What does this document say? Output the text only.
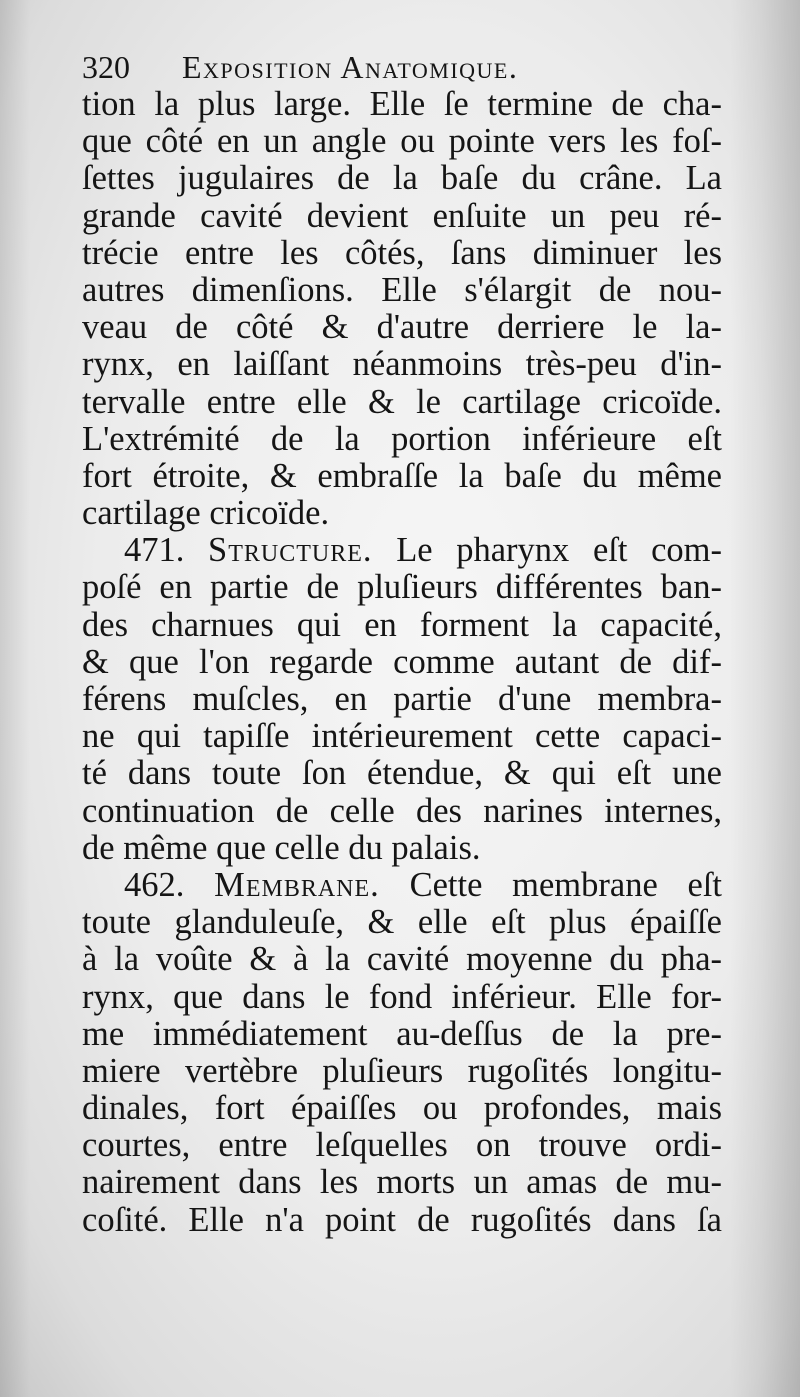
320 Exposition Anatomique.
tion la plus large. Elle ſe termine de cha-
que côté en un angle ou pointe vers les foſ-
ſettes jugulaires de la baſe du crâne. La
grande cavité devient enſuite un peu ré-
trécie entre les côtés, ſans diminuer les
autres dimenſions. Elle s'élargit de nou-
veau de côté & d'autre derriere le la-
rynx, en laiſſant néanmoins très-peu d'in-
tervalle entre elle & le cartilage cricoïde.
L'extrémité de la portion inférieure eſt
fort étroite, & embraſſe la baſe du même
cartilage cricoïde.
471. Structure. Le pharynx eſt com-
poſé en partie de pluſieurs différentes ban-
des charnues qui en forment la capacité,
& que l'on regarde comme autant de dif-
férens muſcles, en partie d'une membra-
ne qui tapiſſe intérieurement cette capaci-
té dans toute ſon étendue, & qui eſt une
continuation de celle des narines internes,
de même que celle du palais.
462. Membrane. Cette membrane eſt
toute glanduleuſe, & elle eſt plus épaiſſe
à la voûte & à la cavité moyenne du pha-
rynx, que dans le fond inférieur. Elle for-
me immédiatement au-deſſus de la pre-
miere vertèbre pluſieurs rugoſités longitu-
dinales, fort épaiſſes ou profondes, mais
courtes, entre leſquelles on trouve ordi-
nairement dans les morts un amas de mu-
coſité. Elle n'a point de rugoſités dans ſa
